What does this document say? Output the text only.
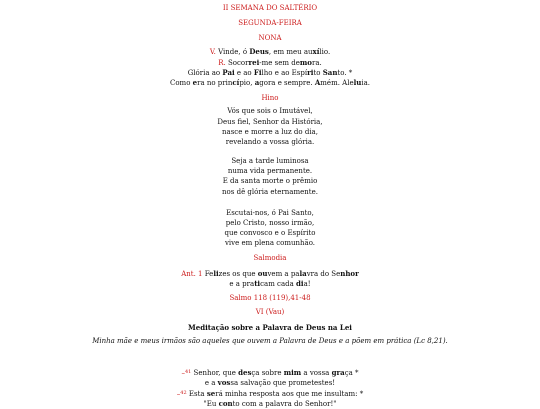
II SEMANA DO SALTÉRIO
SEGUNDA-FEIRA
NONA
V. Vinde, ó Deus, em meu auxílio.
R. Socorrei-me sem demora.
Glória ao Pai e ao Filho e ao Espírito Santo. *
Como era no princípio, agora e sempre. Amém. Aleluia.
Hino
Vós que sois o Imutável,
Deus fiel, Senhor da História,
nasce e morre a luz do dia,
revelando a vossa glória.
Seja a tarde luminosa
numa vida permanente.
E da santa morte o prêmio
nos dê glória eternamente.
Escutai-nos, ó Pai Santo,
pelo Cristo, nosso irmão,
que convosco e o Espírito
vive em plena comunhão.
Salmodia
Ant. 1 Felizes os que ouvem a palavra do Senhor
e a praticam cada dia!
Salmo 118 (119),41-48
VI (Vau)
Meditação sobre a Palavra de Deus na Lei
Minha mãe e meus irmãos são aqueles que ouvem a Palavra de Deus e a põem em prática (Lc 8,21).
–$^{41}$ Senhor, que desça sobre mim a vossa graça *
e a vossa salvação que prometestes!
–$^{42}$ Esta será minha resposta aos que me insultam: *
"Eu conto com a palavra do Senhor!"
